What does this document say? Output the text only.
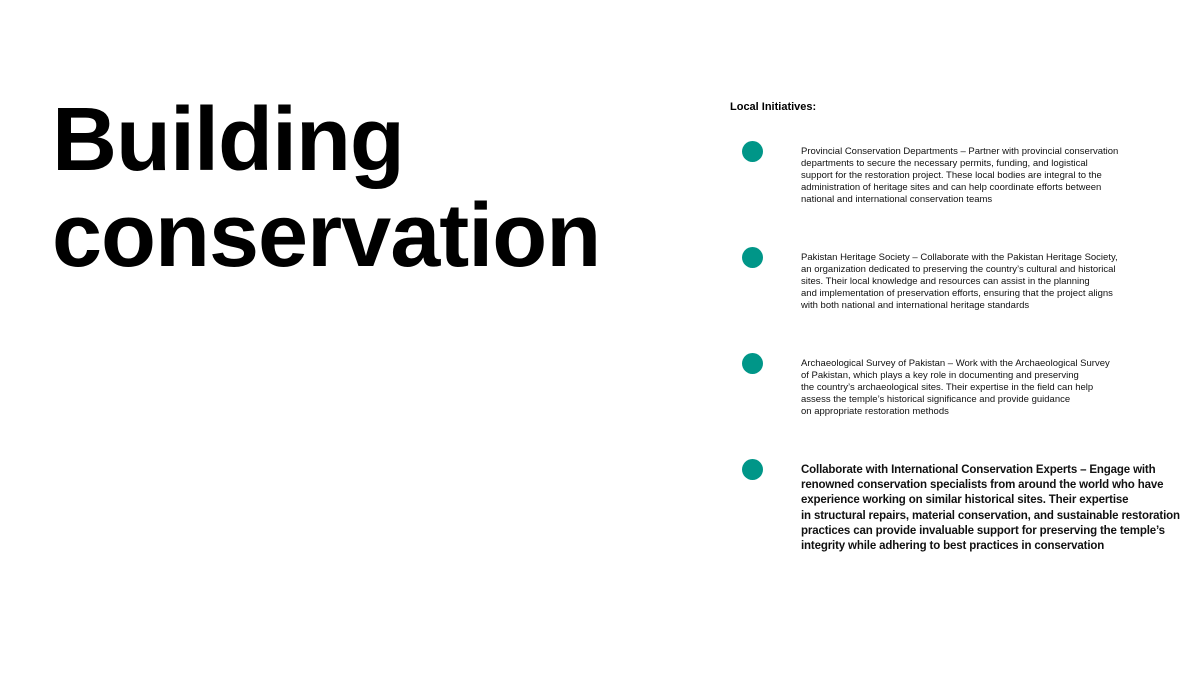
Building
conservation
Local Initiatives:

Provincial Conservation Departments – Partner with provincial conservation
departments to secure the necessary permits, funding, and logistical
support for the restoration project. These local bodies are integral to the
administration of heritage sites and can help coordinate efforts between
national and international conservation teams

Pakistan Heritage Society – Collaborate with the Pakistan Heritage Society,
an organization dedicated to preserving the country’s cultural and historical
sites. Their local knowledge and resources can assist in the planning
and implementation of preservation efforts, ensuring that the project aligns
with both national and international heritage standards

Archaeological Survey of Pakistan – Work with the Archaeological Survey
of Pakistan, which plays a key role in documenting and preserving
the country’s archaeological sites. Their expertise in the field can help
assess the temple’s historical significance and provide guidance
on appropriate restoration methods

Collaborate with International Conservation Experts – Engage with
renowned conservation specialists from around the world who have
experience working on similar historical sites. Their expertise
in structural repairs, material conservation, and sustainable restoration
practices can provide invaluable support for preserving the temple’s
integrity while adhering to best practices in conservation
